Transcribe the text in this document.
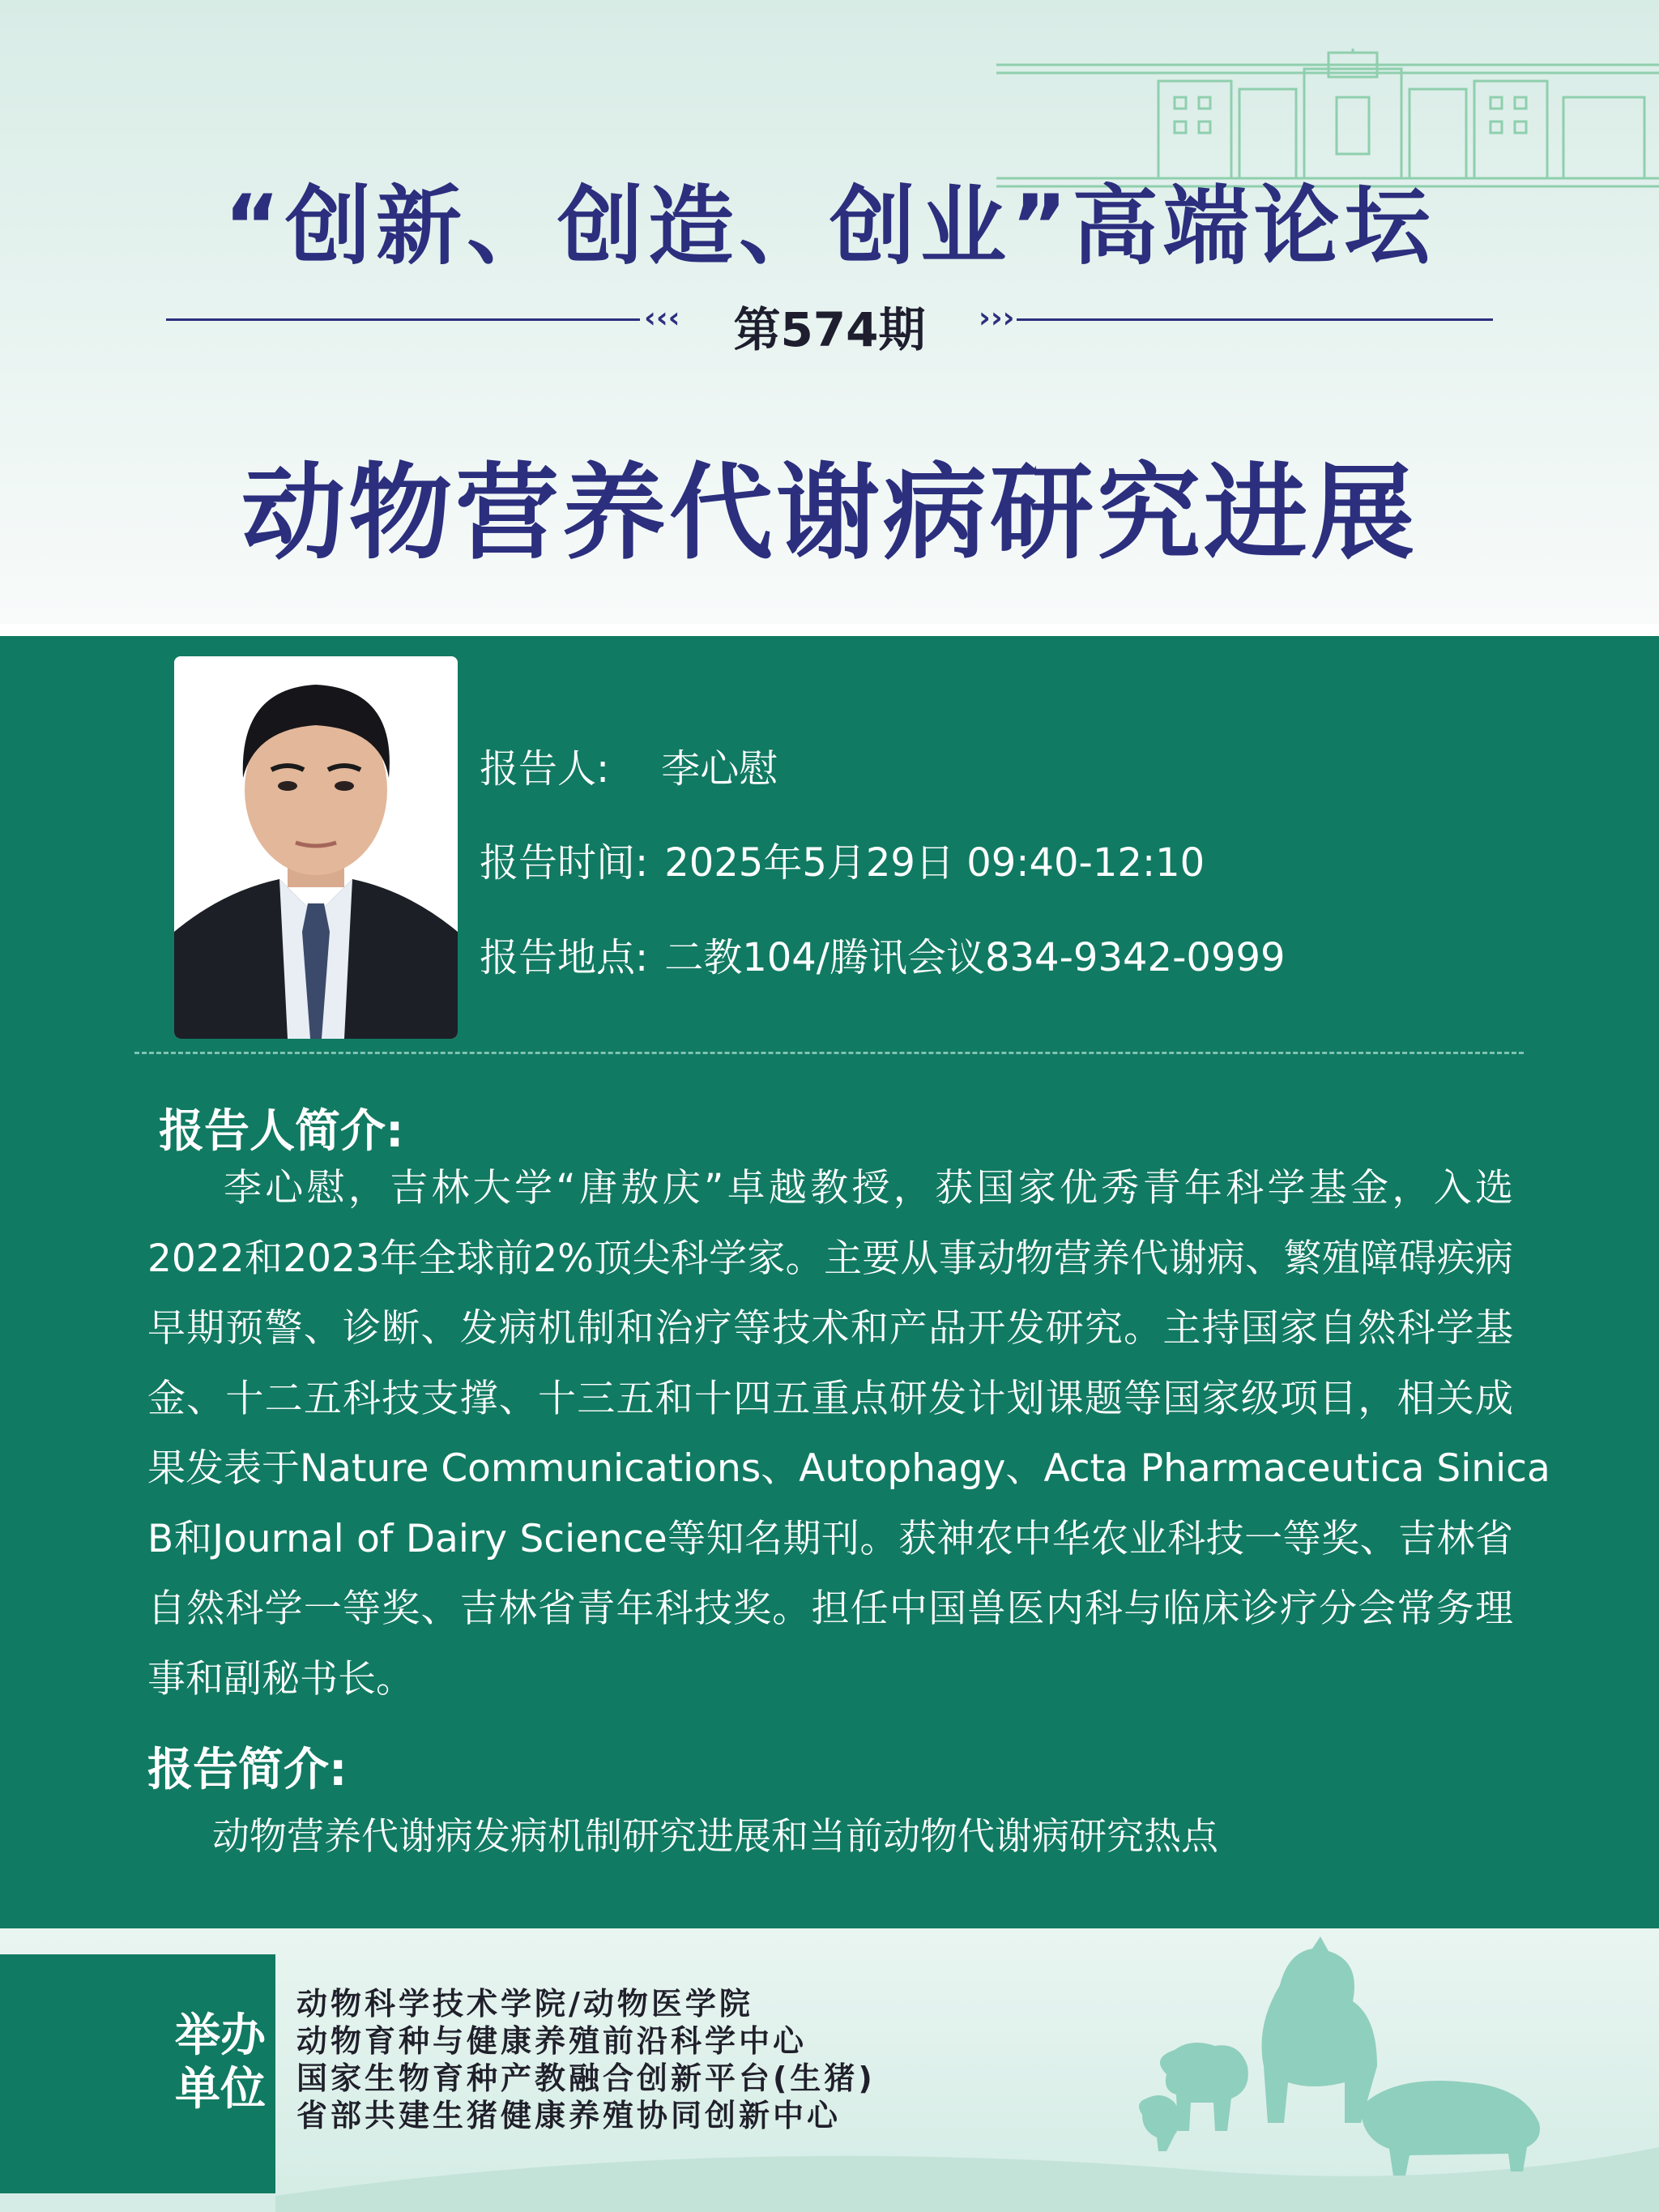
“创新、创造、创业”高端论坛
‹‹‹	第574期	›››
动物营养代谢病研究进展
报告人: 李心慰
报告时间: 2025年5月29日 09:40-12:10
报告地点: 二教104/腾讯会议834-9342-0999
报告人简介:
李心慰，吉林大学“唐敖庆”卓越教授，获国家优秀青年科学基金，入选
2022和2023年全球前2%顶尖科学家。主要从事动物营养代谢病、繁殖障碍疾病
早期预警、诊断、发病机制和治疗等技术和产品开发研究。主持国家自然科学基
金、十二五科技支撑、十三五和十四五重点研发计划课题等国家级项目，相关成
果发表于Nature Communications、Autophagy、Acta Pharmaceutica Sinica
B和Journal of Dairy Science等知名期刊。获神农中华农业科技一等奖、吉林省
自然科学一等奖、吉林省青年科技奖。担任中国兽医内科与临床诊疗分会常务理
事和副秘书长。
报告简介:
动物营养代谢病发病机制研究进展和当前动物代谢病研究热点
举办
单位
动物科学技术学院/动物医学院
动物育种与健康养殖前沿科学中心
国家生物育种产教融合创新平台(生猪)
省部共建生猪健康养殖协同创新中心
